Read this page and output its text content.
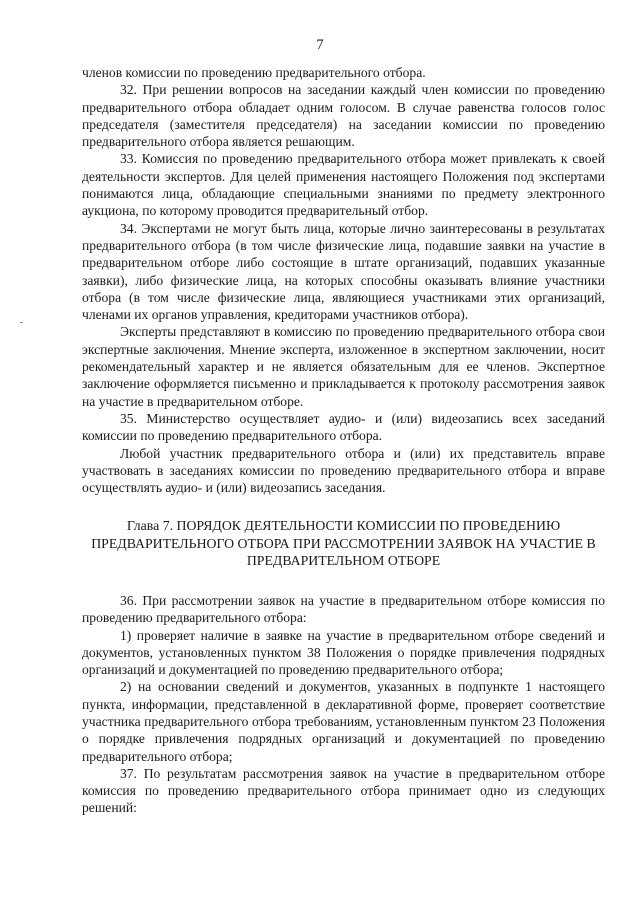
7

членов комиссии по проведению предварительного отбора.

32. При решении вопросов на заседании каждый член комиссии по проведению предварительного отбора обладает одним голосом. В случае равенства голосов голос председателя (заместителя председателя) на заседании комиссии по проведению предварительного отбора является решающим.

33. Комиссия по проведению предварительного отбора может привлекать к своей деятельности экспертов. Для целей применения настоящего Положения под экспертами понимаются лица, обладающие специальными знаниями по предмету электронного аукциона, по которому проводится предварительный отбор.

34. Экспертами не могут быть лица, которые лично заинтересованы в результатах предварительного отбора (в том числе физические лица, подавшие заявки на участие в предварительном отборе либо состоящие в штате организаций, подавших указанные заявки), либо физические лица, на которых способны оказывать влияние участники отбора (в том числе физические лица, являющиеся участниками этих организаций, членами их органов управления, кредиторами участников отбора).

Эксперты представляют в комиссию по проведению предварительного отбора свои экспертные заключения. Мнение эксперта, изложенное в экспертном заключении, носит рекомендательный характер и не является обязательным для ее членов. Экспертное заключение оформляется письменно и прикладывается к протоколу рассмотрения заявок на участие в предварительном отборе.

35. Министерство осуществляет аудио- и (или) видеозапись всех заседаний комиссии по проведению предварительного отбора.

Любой участник предварительного отбора и (или) их представитель вправе участвовать в заседаниях комиссии по проведению предварительного отбора и вправе осуществлять аудио- и (или) видеозапись заседания.

Глава 7. ПОРЯДОК ДЕЯТЕЛЬНОСТИ КОМИССИИ ПО ПРОВЕДЕНИЮ ПРЕДВАРИТЕЛЬНОГО ОТБОРА ПРИ РАССМОТРЕНИИ ЗАЯВОК НА УЧАСТИЕ В ПРЕДВАРИТЕЛЬНОМ ОТБОРЕ

36. При рассмотрении заявок на участие в предварительном отборе комиссия по проведению предварительного отбора:

1) проверяет наличие в заявке на участие в предварительном отборе сведений и документов, установленных пунктом 38 Положения о порядке привлечения подрядных организаций и документацией по проведению предварительного отбора;

2) на основании сведений и документов, указанных в подпункте 1 настоящего пункта, информации, представленной в декларативной форме, проверяет соответствие участника предварительного отбора требованиям, установленным пунктом 23 Положения о порядке привлечения подрядных организаций и документацией по проведению предварительного отбора;

37. По результатам рассмотрения заявок на участие в предварительном отборе комиссия по проведению предварительного отбора принимает одно из следующих решений:
